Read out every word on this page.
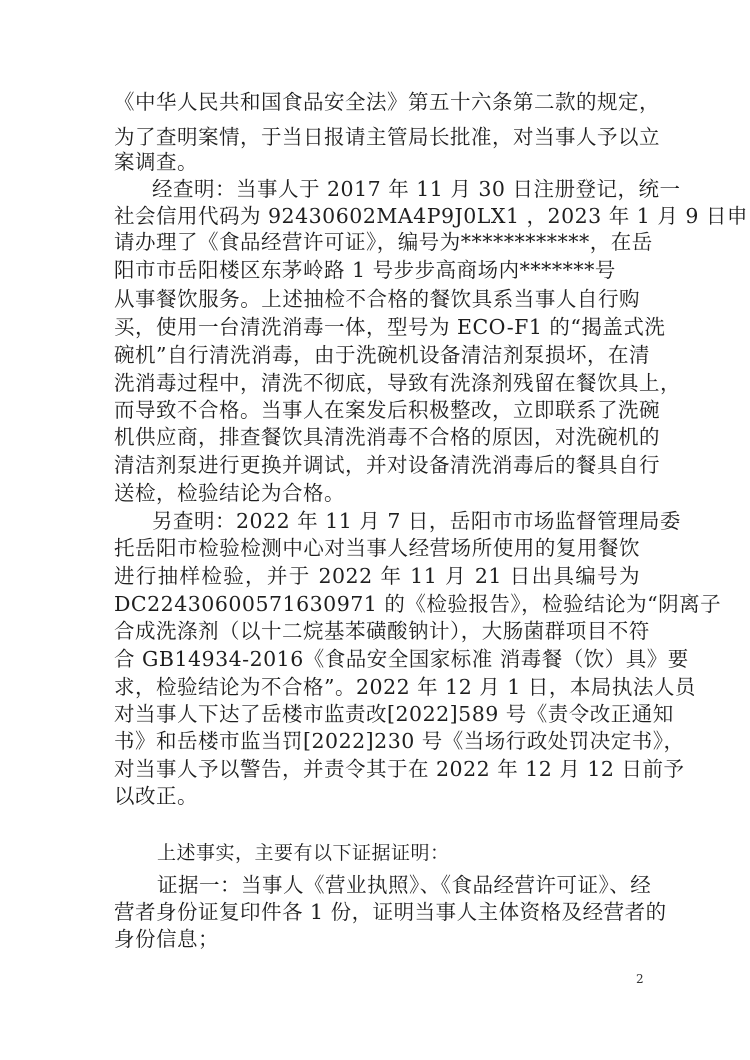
《中华人民共和国食品安全法》第五十六条第二款的规定，
为了查明案情，于当日报请主管局长批准，对当事人予以立
案调查。
经查明：当事人于 2017 年 11 月 30 日注册登记，统一
社会信用代码为 92430602MA4P9J0LX1 ，2023 年 1 月 9 日申
请办理了《食品经营许可证》，编号为************，在岳
阳市市岳阳楼区东茅岭路 1 号步步高商场内*******号
从事餐饮服务。上述抽检不合格的餐饮具系当事人自行购
买，使用一台清洗消毒一体，型号为 ECO-F1 的“揭盖式洗
碗机”自行清洗消毒，由于洗碗机设备清洁剂泵损坏，在清
洗消毒过程中，清洗不彻底，导致有洗涤剂残留在餐饮具上，
而导致不合格。当事人在案发后积极整改，立即联系了洗碗
机供应商，排查餐饮具清洗消毒不合格的原因，对洗碗机的
清洁剂泵进行更换并调试，并对设备清洗消毒后的餐具自行
送检，检验结论为合格。
另查明：2022 年 11 月 7 日，岳阳市市场监督管理局委
托岳阳市检验检测中心对当事人经营场所使用的复用餐饮
进行抽样检验，并于 2022 年 11 月 21 日出具编号为
DC22430600571630971 的《检验报告》，检验结论为“阴离子
合成洗涤剂（以十二烷基苯磺酸钠计），大肠菌群项目不符
合 GB14934-2016《食品安全国家标准 消毒餐（饮）具》要
求，检验结论为不合格”。2022 年 12 月 1 日，本局执法人员
对当事人下达了岳楼市监责改[2022]589 号《责令改正通知
书》和岳楼市监当罚[2022]230 号《当场行政处罚决定书》，
对当事人予以警告，并责令其于在 2022 年 12 月 12 日前予
以改正。
上述事实，主要有以下证据证明：
证据一：当事人《营业执照》、《食品经营许可证》、经
营者身份证复印件各 1 份，证明当事人主体资格及经营者的
身份信息；
2
